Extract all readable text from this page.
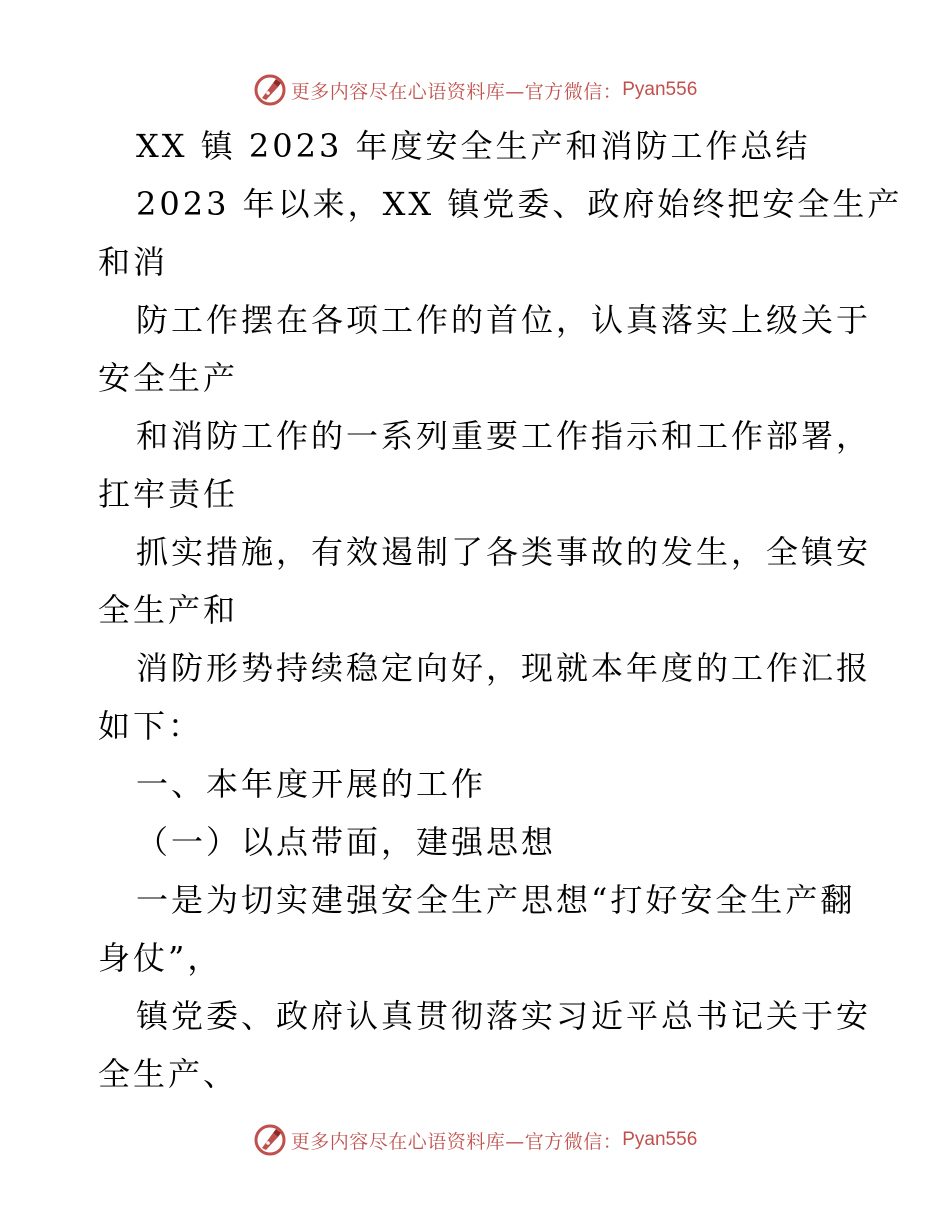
更多内容尽在心语资料库—官方微信： Pyan556
XX 镇 2023 年度安全生产和消防工作总结
2023 年以来，XX 镇党委、政府始终把安全生产
和消
防工作摆在各项工作的首位，认真落实上级关于
安全生产
和消防工作的一系列重要工作指示和工作部署，
扛牢责任
抓实措施，有效遏制了各类事故的发生，全镇安
全生产和
消防形势持续稳定向好，现就本年度的工作汇报
如下：
一、本年度开展的工作
（一）以点带面，建强思想
一是为切实建强安全生产思想“打好安全生产翻
身仗”，
镇党委、政府认真贯彻落实习近平总书记关于安
全生产、
更多内容尽在心语资料库—官方微信： Pyan556
